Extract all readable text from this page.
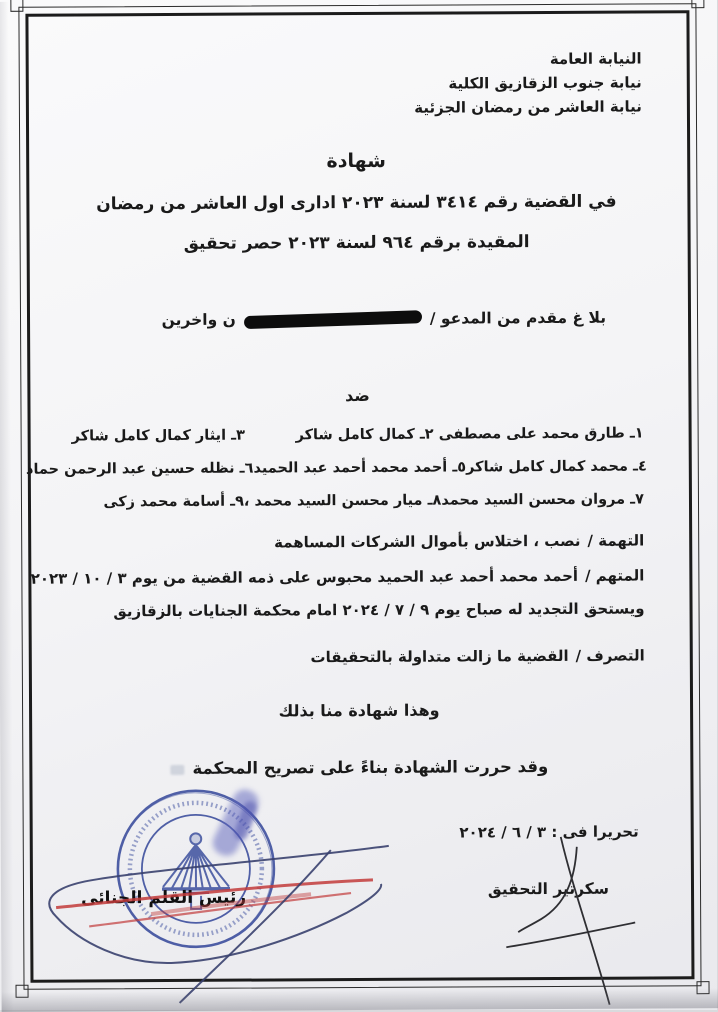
النيابة العامة
نيابة جنوب الزقازيق الكلية
نيابة العاشر من رمضان الجزئية
شهادة
في القضية رقم ٣٤١٤ لسنة ٢٠٢٣ ادارى اول العاشر من رمضان
المقيدة برقم ٩٦٤ لسنة ٢٠٢٣ حصر تحقيق
بلا غ مقدم من المدعو /
ن واخرين
ضد
١ـ طارق محمد على مصطفى ٢ـ كمال كامل شاكر
٣ـ ايثار كمال كامل شاكر
٤ـ محمد كمال كامل شاكر
٥ـ أحمد محمد أحمد عبد الحميد
٦ـ نظله حسين عبد الرحمن حماد
٧ـ مروان محسن السيد محمد
٨ـ ميار محسن السيد محمد ،
٩ـ أسامة محمد زكى
التهمة /
نصب ، اختلاس بأموال الشركات المساهمة
المتهم /
أحمد محمد أحمد عبد الحميد محبوس على ذمه القضية من يوم ٣ / ١٠ / ٢٠٢٣
ويستحق التجديد له صباح يوم ٩ / ٧ / ٢٠٢٤ امام محكمة الجنايات بالزقازيق
التصرف /
القضية ما زالت متداولة بالتحقيقات
وهذا شهادة منا بذلك
وقد حررت الشهادة بناءً على تصريح المحكمة
تحريرا فى : ٣ / ٦ / ٢٠٢٤
سكرتير التحقيق
رئيس القلم الجنائى
